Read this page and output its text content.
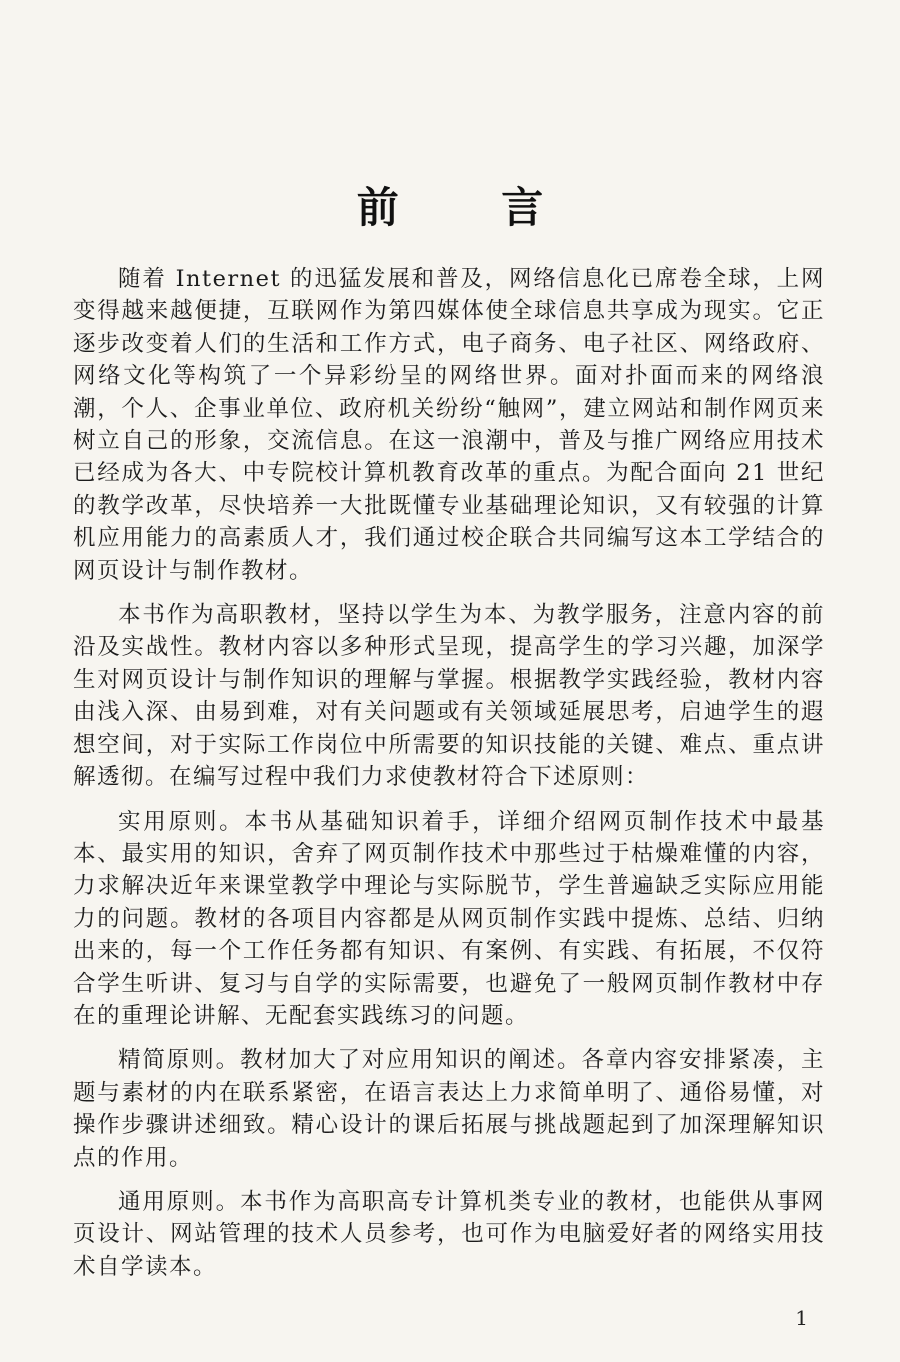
前 言

随着 Internet 的迅猛发展和普及，网络信息化已席卷全球，上网变得越来越便捷，互联网作为第四媒体使全球信息共享成为现实。它正逐步改变着人们的生活和工作方式，电子商务、电子社区、网络政府、网络文化等构筑了一个异彩纷呈的网络世界。面对扑面而来的网络浪潮，个人、企事业单位、政府机关纷纷“触网”，建立网站和制作网页来树立自己的形象，交流信息。在这一浪潮中，普及与推广网络应用技术已经成为各大、中专院校计算机教育改革的重点。为配合面向 21 世纪的教学改革，尽快培养一大批既懂专业基础理论知识，又有较强的计算机应用能力的高素质人才，我们通过校企联合共同编写这本工学结合的网页设计与制作教材。

本书作为高职教材，坚持以学生为本、为教学服务，注意内容的前沿及实战性。教材内容以多种形式呈现，提高学生的学习兴趣，加深学生对网页设计与制作知识的理解与掌握。根据教学实践经验，教材内容由浅入深、由易到难，对有关问题或有关领域延展思考，启迪学生的遐想空间，对于实际工作岗位中所需要的知识技能的关键、难点、重点讲解透彻。在编写过程中我们力求使教材符合下述原则：

实用原则。本书从基础知识着手，详细介绍网页制作技术中最基本、最实用的知识，舍弃了网页制作技术中那些过于枯燥难懂的内容，力求解决近年来课堂教学中理论与实际脱节，学生普遍缺乏实际应用能力的问题。教材的各项目内容都是从网页制作实践中提炼、总结、归纳出来的，每一个工作任务都有知识、有案例、有实践、有拓展，不仅符合学生听讲、复习与自学的实际需要，也避免了一般网页制作教材中存在的重理论讲解、无配套实践练习的问题。

精简原则。教材加大了对应用知识的阐述。各章内容安排紧凑，主题与素材的内在联系紧密，在语言表达上力求简单明了、通俗易懂，对操作步骤讲述细致。精心设计的课后拓展与挑战题起到了加深理解知识点的作用。

通用原则。本书作为高职高专计算机类专业的教材，也能供从事网页设计、网站管理的技术人员参考，也可作为电脑爱好者的网络实用技术自学读本。

1
